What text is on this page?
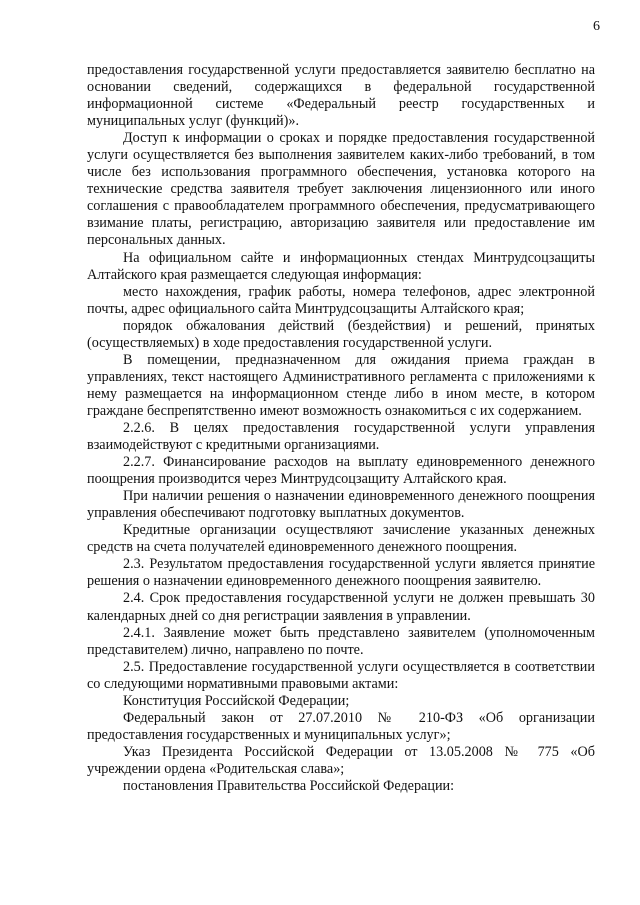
6

предоставления государственной услуги предоставляется заявителю бесплатно на основании сведений, содержащихся в федеральной государственной информационной системе «Федеральный реестр государственных и муниципальных услуг (функций)».

Доступ к информации о сроках и порядке предоставления государственной услуги осуществляется без выполнения заявителем каких-либо требований, в том числе без использования программного обеспечения, установка которого на технические средства заявителя требует заключения лицензионного или иного соглашения с правообладателем программного обеспечения, предусматривающего взимание платы, регистрацию, авторизацию заявителя или предоставление им персональных данных.

На официальном сайте и информационных стендах Минтрудсоцзащиты Алтайского края размещается следующая информация:

место нахождения, график работы, номера телефонов, адрес электронной почты, адрес официального сайта Минтрудсоцзащиты Алтайского края;

порядок обжалования действий (бездействия) и решений, принятых (осуществляемых) в ходе предоставления государственной услуги.

В помещении, предназначенном для ожидания приема граждан в управлениях, текст настоящего Административного регламента с приложениями к нему размещается на информационном стенде либо в ином месте, в котором граждане беспрепятственно имеют возможность ознакомиться с их содержанием.

2.2.6. В целях предоставления государственной услуги управления взаимодействуют с кредитными организациями.

2.2.7. Финансирование расходов на выплату единовременного денежного поощрения производится через Минтрудсоцзащиту Алтайского края.

При наличии решения о назначении единовременного денежного поощрения управления обеспечивают подготовку выплатных документов.

Кредитные организации осуществляют зачисление указанных денежных средств на счета получателей единовременного денежного поощрения.

2.3. Результатом предоставления государственной услуги является принятие решения о назначении единовременного денежного поощрения заявителю.

2.4. Срок предоставления государственной услуги не должен превышать 30 календарных дней со дня регистрации заявления в управлении.

2.4.1. Заявление может быть представлено заявителем (уполномоченным представителем) лично, направлено по почте.

2.5. Предоставление государственной услуги осуществляется в соответствии со следующими нормативными правовыми актами:

Конституция Российской Федерации;

Федеральный закон от 27.07.2010 № 210-ФЗ «Об организации предоставления государственных и муниципальных услуг»;

Указ Президента Российской Федерации от 13.05.2008 № 775 «Об учреждении ордена «Родительская слава»;

постановления Правительства Российской Федерации:
